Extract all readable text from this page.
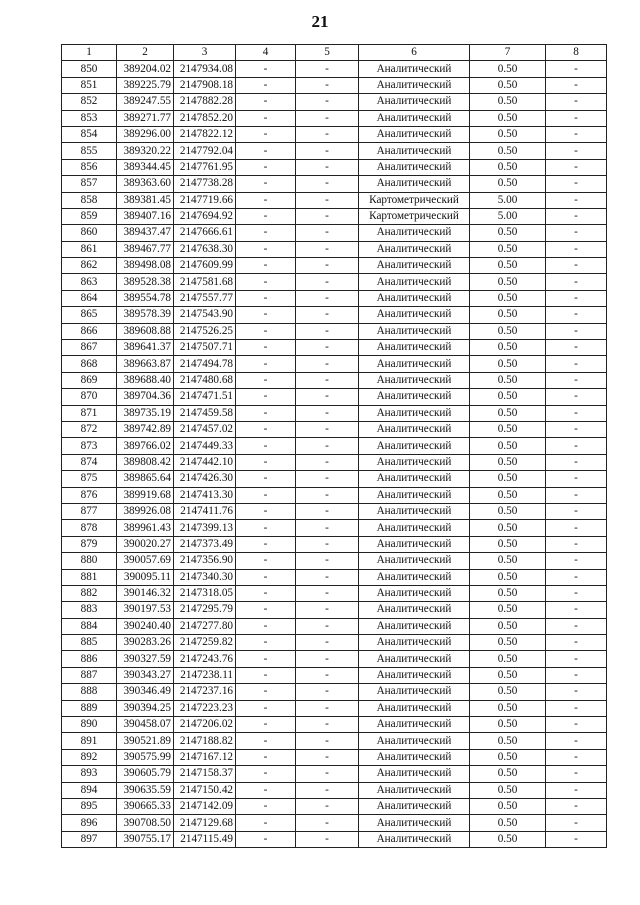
21
1	2	3	4	5	6	7	8
850	389204.02	2147934.08	-	-	Аналитический	0.50	-
851	389225.79	2147908.18	-	-	Аналитический	0.50	-
852	389247.55	2147882.28	-	-	Аналитический	0.50	-
853	389271.77	2147852.20	-	-	Аналитический	0.50	-
854	389296.00	2147822.12	-	-	Аналитический	0.50	-
855	389320.22	2147792.04	-	-	Аналитический	0.50	-
856	389344.45	2147761.95	-	-	Аналитический	0.50	-
857	389363.60	2147738.28	-	-	Аналитический	0.50	-
858	389381.45	2147719.66	-	-	Картометрический	5.00	-
859	389407.16	2147694.92	-	-	Картометрический	5.00	-
860	389437.47	2147666.61	-	-	Аналитический	0.50	-
861	389467.77	2147638.30	-	-	Аналитический	0.50	-
862	389498.08	2147609.99	-	-	Аналитический	0.50	-
863	389528.38	2147581.68	-	-	Аналитический	0.50	-
864	389554.78	2147557.77	-	-	Аналитический	0.50	-
865	389578.39	2147543.90	-	-	Аналитический	0.50	-
866	389608.88	2147526.25	-	-	Аналитический	0.50	-
867	389641.37	2147507.71	-	-	Аналитический	0.50	-
868	389663.87	2147494.78	-	-	Аналитический	0.50	-
869	389688.40	2147480.68	-	-	Аналитический	0.50	-
870	389704.36	2147471.51	-	-	Аналитический	0.50	-
871	389735.19	2147459.58	-	-	Аналитический	0.50	-
872	389742.89	2147457.02	-	-	Аналитический	0.50	-
873	389766.02	2147449.33	-	-	Аналитический	0.50	-
874	389808.42	2147442.10	-	-	Аналитический	0.50	-
875	389865.64	2147426.30	-	-	Аналитический	0.50	-
876	389919.68	2147413.30	-	-	Аналитический	0.50	-
877	389926.08	2147411.76	-	-	Аналитический	0.50	-
878	389961.43	2147399.13	-	-	Аналитический	0.50	-
879	390020.27	2147373.49	-	-	Аналитический	0.50	-
880	390057.69	2147356.90	-	-	Аналитический	0.50	-
881	390095.11	2147340.30	-	-	Аналитический	0.50	-
882	390146.32	2147318.05	-	-	Аналитический	0.50	-
883	390197.53	2147295.79	-	-	Аналитический	0.50	-
884	390240.40	2147277.80	-	-	Аналитический	0.50	-
885	390283.26	2147259.82	-	-	Аналитический	0.50	-
886	390327.59	2147243.76	-	-	Аналитический	0.50	-
887	390343.27	2147238.11	-	-	Аналитический	0.50	-
888	390346.49	2147237.16	-	-	Аналитический	0.50	-
889	390394.25	2147223.23	-	-	Аналитический	0.50	-
890	390458.07	2147206.02	-	-	Аналитический	0.50	-
891	390521.89	2147188.82	-	-	Аналитический	0.50	-
892	390575.99	2147167.12	-	-	Аналитический	0.50	-
893	390605.79	2147158.37	-	-	Аналитический	0.50	-
894	390635.59	2147150.42	-	-	Аналитический	0.50	-
895	390665.33	2147142.09	-	-	Аналитический	0.50	-
896	390708.50	2147129.68	-	-	Аналитический	0.50	-
897	390755.17	2147115.49	-	-	Аналитический	0.50	-
